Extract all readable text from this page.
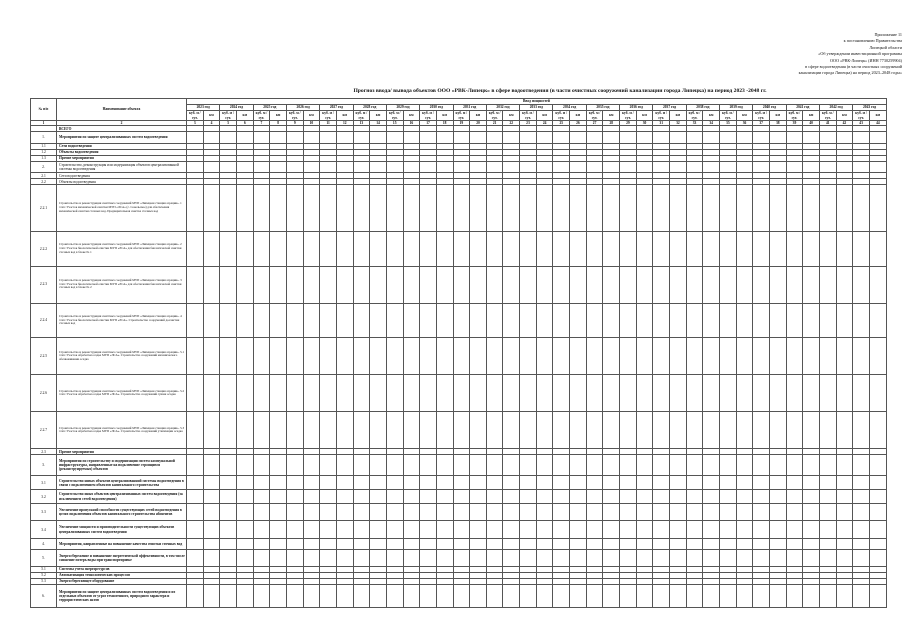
Приложение 11
к постановлению Правительства
Липецкой области
«Об утверждении инвестиционной программы
ООО «РВК-Липецк» (ИНН 7730259904)
в сфере водоотведения (в части очистных сооружений
канализации города Липецка) на период 2023–2048 годы»
Прогноз ввода/ вывода объектов ООО «РВК-Липецк» в сфере водоотведения (в части очистных сооружений канализации города Липецка) на период 2023 -2048 гг.
№ п/п	Наименование объекта	Ввод мощностей																																									
		2023 год		2024 год		2025 год		2026 год		2027 год		2028 год		2029 год		2030 год		2031 год		2032 год		2033 год		2034 год		2035 год		2036 год		2037 год		2038 год		2039 год		2040 год		2041 год		2042 год		2043 год	
		куб. м / сут.	км	куб. м / сут.	км	куб. м / сут.	км	куб. м / сут.	км	куб. м / сут.	км	куб. м / сут.	км	куб. м / сут.	км	куб. м / сут.	км	куб. м / сут.	км	куб. м / сут.	км	куб. м / сут.	км	куб. м / сут.	км	куб. м / сут.	км	куб. м / сут.	км	куб. м / сут.	км	куб. м / сут.	км	куб. м / сут.	км	куб. м / сут.	км	куб. м / сут.	км	куб. м / сут.	км	куб. м / сут.	км
1	2	3	4	5	6	7	8	9	10	11	12	13	14	15	16	17	18	19	20	21	22	23	24	25	26	27	28	29	30	31	32	33	34	35	36	37	38	39	40	41	42	43	44
	ВСЕГО																																										
1.	Мероприятия по защите централизованных систем водоотведения																																										
1.1	Сети водоотведения																																										
1.2	Объекты водоотведения																																										
1.3	Прочие мероприятия																																										
2.	Строительство, реконструкция или модернизация объектов централизованной системы водоотведения																																										
2.1	Сети водоотведения																																										
2.2	Объекты водоотведения																																										
2.2.1	Строительство и реконструкция очистных сооружений МУП «Липецкая станция аэрации». 1 этап: Участок механической очистки МУП «ЛСА» (с. Сокольское) для обеспечения механической очистки сточных вод. Предварительная очистка сточных вод																																										
2.2.2	Строительство и реконструкция очистных сооружений МУП «Липецкая станция аэрации». 2 этап: Участок биологической очистки МУП «ЛСА» для обеспечения биологической очистки сточных вод в блоке № 1																																										
2.2.3	Строительство и реконструкция очистных сооружений МУП «Липецкая станция аэрации». 3 этап: Участок биологической очистки МУП «ЛСА» для обеспечения биологической очистки сточных вод в блоке № 2																																										
2.2.4	Строительство и реконструкция очистных сооружений МУП «Липецкая станция аэрации». 4 этап: Участок биологической очистки МУП «ЛСА». Строительство сооружений доочистки сточных вод																																										
2.2.5	Строительство и реконструкция очистных сооружений МУП «Липецкая станция аэрации». 5.1 этап: Участок обработки осадка МУП «ЛСА». Строительство сооружений механического обезвоживания осадка																																										
2.2.6	Строительство и реконструкция очистных сооружений МУП «Липецкая станция аэрации». 5.2 этап: Участок обработки осадка МУП «ЛСА». Строительство сооружений сушки осадка																																										
2.2.7	Строительство и реконструкция очистных сооружений МУП «Липецкая станция аэрации». 5.3 этап: Участок обработки осадка МУП «ЛСА». Строительство сооружений утилизации осадка																																										
2.3	Прочие мероприятия																																										
3.	Мероприятия по строительству и модернизации систем коммунальной инфраструктуры, направленные на подключение строящихся (реконструируемых) объектов																																										
3.1	Строительство новых объектов централизованной системы водоотведения в связи с подключением объектов капитального строительства																																										
3.2	Строительство иных объектов централизованных систем водоотведения (за исключением сетей водоотведения)																																										
3.3	Увеличение пропускной способности существующих сетей водоотведения в целях подключения объектов капитального строительства абонентов																																										
3.4	Увеличение мощности и производительности существующих объектов централизованных систем водоотведения																																										
4.	Мероприятия, направленные на повышение качества очистки сточных вод																																										
5.	Энергосбережение и повышение энергетической эффективности, в том числе снижение потерь воды при транспортировке																																										
5.1	Системы учета энергоресурсов																																										
5.2	Автоматизация технологических процессов																																										
5.3	Энергосберегающее оборудование																																										
6.	Мероприятия по защите централизованных систем водоотведения и их отдельных объектов от угроз техногенного, природного характера и террористических актов																																										
